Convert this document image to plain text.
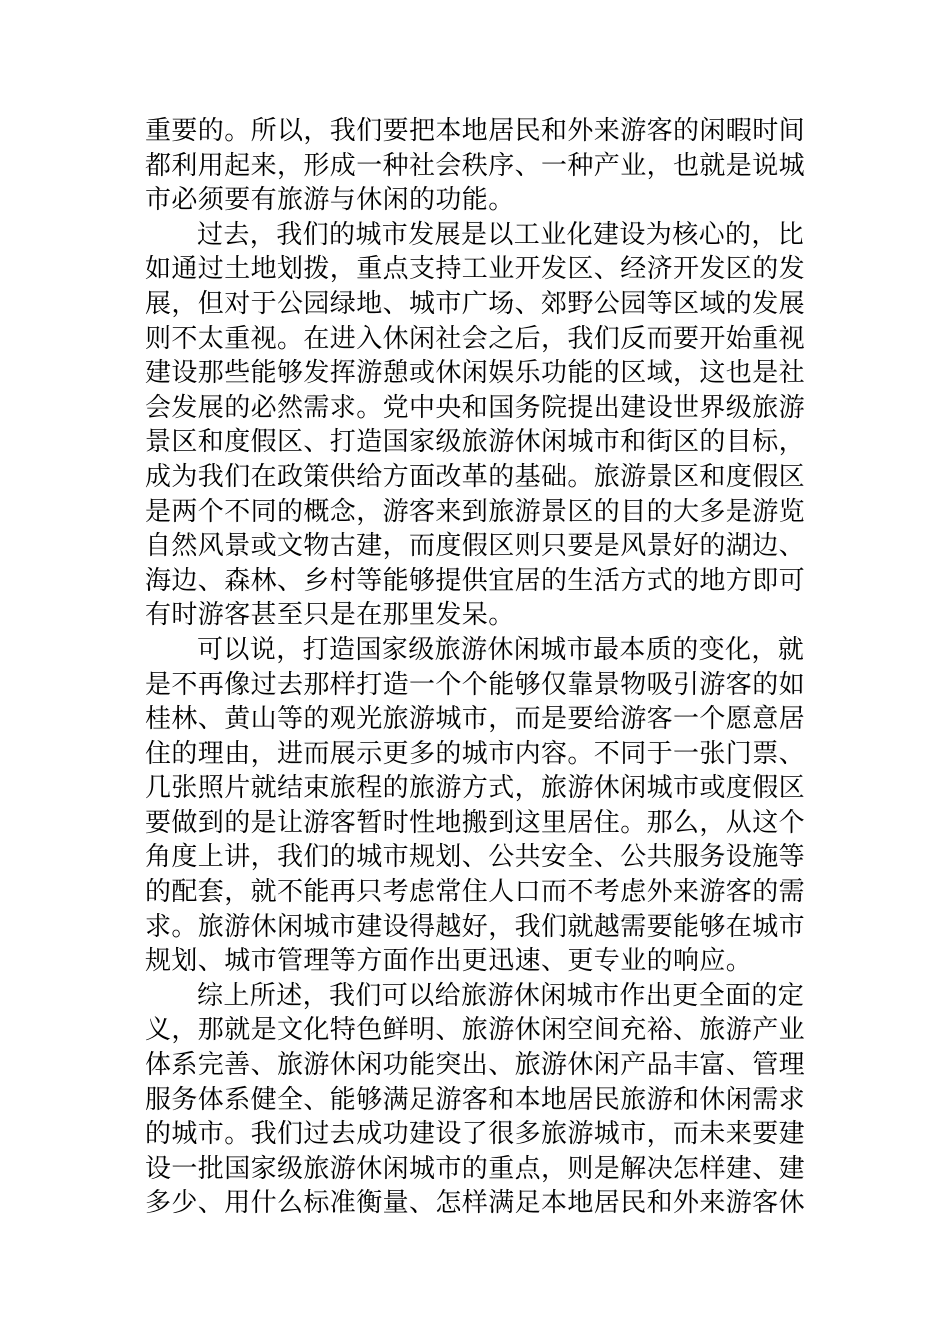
重要的。所以，我们要把本地居民和外来游客的闲暇时间
都利用起来，形成一种社会秩序、一种产业，也就是说城
市必须要有旅游与休闲的功能。
过去，我们的城市发展是以工业化建设为核心的，比
如通过土地划拨，重点支持工业开发区、经济开发区的发
展，但对于公园绿地、城市广场、郊野公园等区域的发展
则不太重视。在进入休闲社会之后，我们反而要开始重视
建设那些能够发挥游憩或休闲娱乐功能的区域，这也是社
会发展的必然需求。党中央和国务院提出建设世界级旅游
景区和度假区、打造国家级旅游休闲城市和街区的目标，
成为我们在政策供给方面改革的基础。旅游景区和度假区
是两个不同的概念，游客来到旅游景区的目的大多是游览
自然风景或文物古建，而度假区则只要是风景好的湖边、
海边、森林、乡村等能够提供宜居的生活方式的地方即可
有时游客甚至只是在那里发呆。
可以说，打造国家级旅游休闲城市最本质的变化，就
是不再像过去那样打造一个个能够仅靠景物吸引游客的如
桂林、黄山等的观光旅游城市，而是要给游客一个愿意居
住的理由，进而展示更多的城市内容。不同于一张门票、
几张照片就结束旅程的旅游方式，旅游休闲城市或度假区
要做到的是让游客暂时性地搬到这里居住。那么，从这个
角度上讲，我们的城市规划、公共安全、公共服务设施等
的配套，就不能再只考虑常住人口而不考虑外来游客的需
求。旅游休闲城市建设得越好，我们就越需要能够在城市
规划、城市管理等方面作出更迅速、更专业的响应。
综上所述，我们可以给旅游休闲城市作出更全面的定
义，那就是文化特色鲜明、旅游休闲空间充裕、旅游产业
体系完善、旅游休闲功能突出、旅游休闲产品丰富、管理
服务体系健全、能够满足游客和本地居民旅游和休闲需求
的城市。我们过去成功建设了很多旅游城市，而未来要建
设一批国家级旅游休闲城市的重点，则是解决怎样建、建
多少、用什么标准衡量、怎样满足本地居民和外来游客休
